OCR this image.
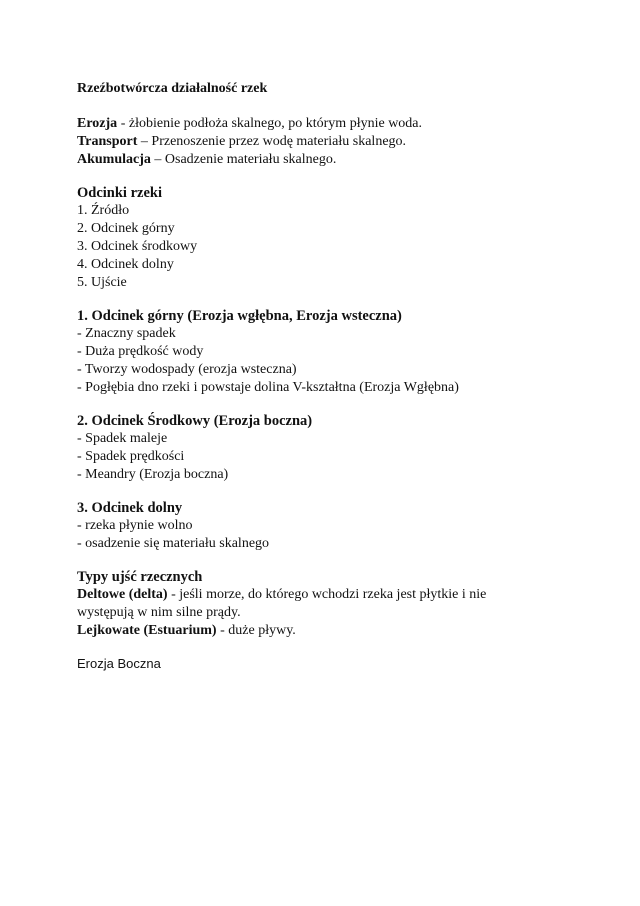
Rzeźbotwórcza działalność rzek

Erozja - żłobienie podłoża skalnego, po którym płynie woda.

Transport – Przenoszenie przez wodę materiału skalnego.

Akumulacja – Osadzenie materiału skalnego.

Odcinki rzeki

1. Źródło

2. Odcinek górny

3. Odcinek środkowy

4. Odcinek dolny

5. Ujście

1. Odcinek górny (Erozja wgłębna, Erozja wsteczna)

- Znaczny spadek

- Duża prędkość wody

- Tworzy wodospady (erozja wsteczna)

- Pogłębia dno rzeki i powstaje dolina V-kształtna (Erozja Wgłębna)

2. Odcinek Środkowy (Erozja boczna)

- Spadek maleje

- Spadek prędkości

- Meandry (Erozja boczna)

3. Odcinek dolny

- rzeka płynie wolno

- osadzenie się materiału skalnego

Typy ujść rzecznych

Deltowe (delta) - jeśli morze, do którego wchodzi rzeka jest płytkie i nie występują w nim silne prądy.

Lejkowate (Estuarium) - duże pływy.

Erozja Boczna
